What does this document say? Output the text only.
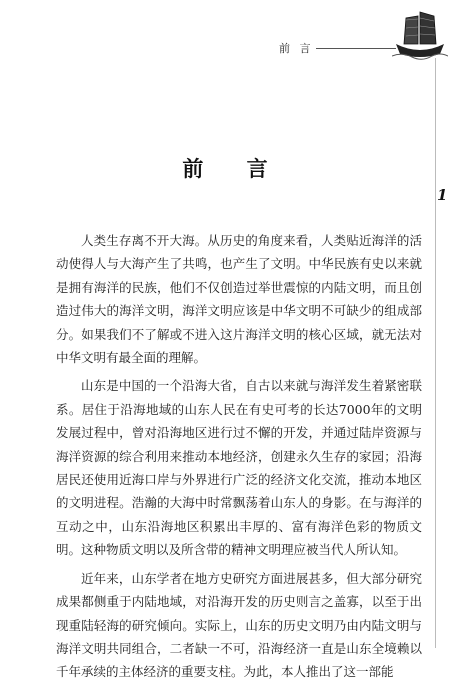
前 言
1
前 言

人类生存离不开大海。从历史的角度来看，人类贴近海洋的活动使得人与大海产生了共鸣，也产生了文明。中华民族有史以来就是拥有海洋的民族，他们不仅创造过举世震惊的内陆文明，而且创造过伟大的海洋文明，海洋文明应该是中华文明不可缺少的组成部分。如果我们不了解或不进入这片海洋文明的核心区域，就无法对中华文明有最全面的理解。

山东是中国的一个沿海大省，自古以来就与海洋发生着紧密联系。居住于沿海地域的山东人民在有史可考的长达7000年的文明发展过程中，曾对沿海地区进行过不懈的开发，并通过陆岸资源与海洋资源的综合利用来推动本地经济，创建永久生存的家园；沿海居民还使用近海口岸与外界进行广泛的经济文化交流，推动本地区的文明进程。浩瀚的大海中时常飘荡着山东人的身影。在与海洋的互动之中，山东沿海地区积累出丰厚的、富有海洋色彩的物质文明。这种物质文明以及所含带的精神文明理应被当代人所认知。

近年来，山东学者在地方史研究方面进展甚多，但大部分研究成果都侧重于内陆地域，对沿海开发的历史则言之盖寡，以至于出现重陆轻海的研究倾向。实际上，山东的历史文明乃由内陆文明与海洋文明共同组合，二者缺一不可，沿海经济一直是山东全境赖以千年承续的主体经济的重要支柱。为此，本人推出了这一部能
